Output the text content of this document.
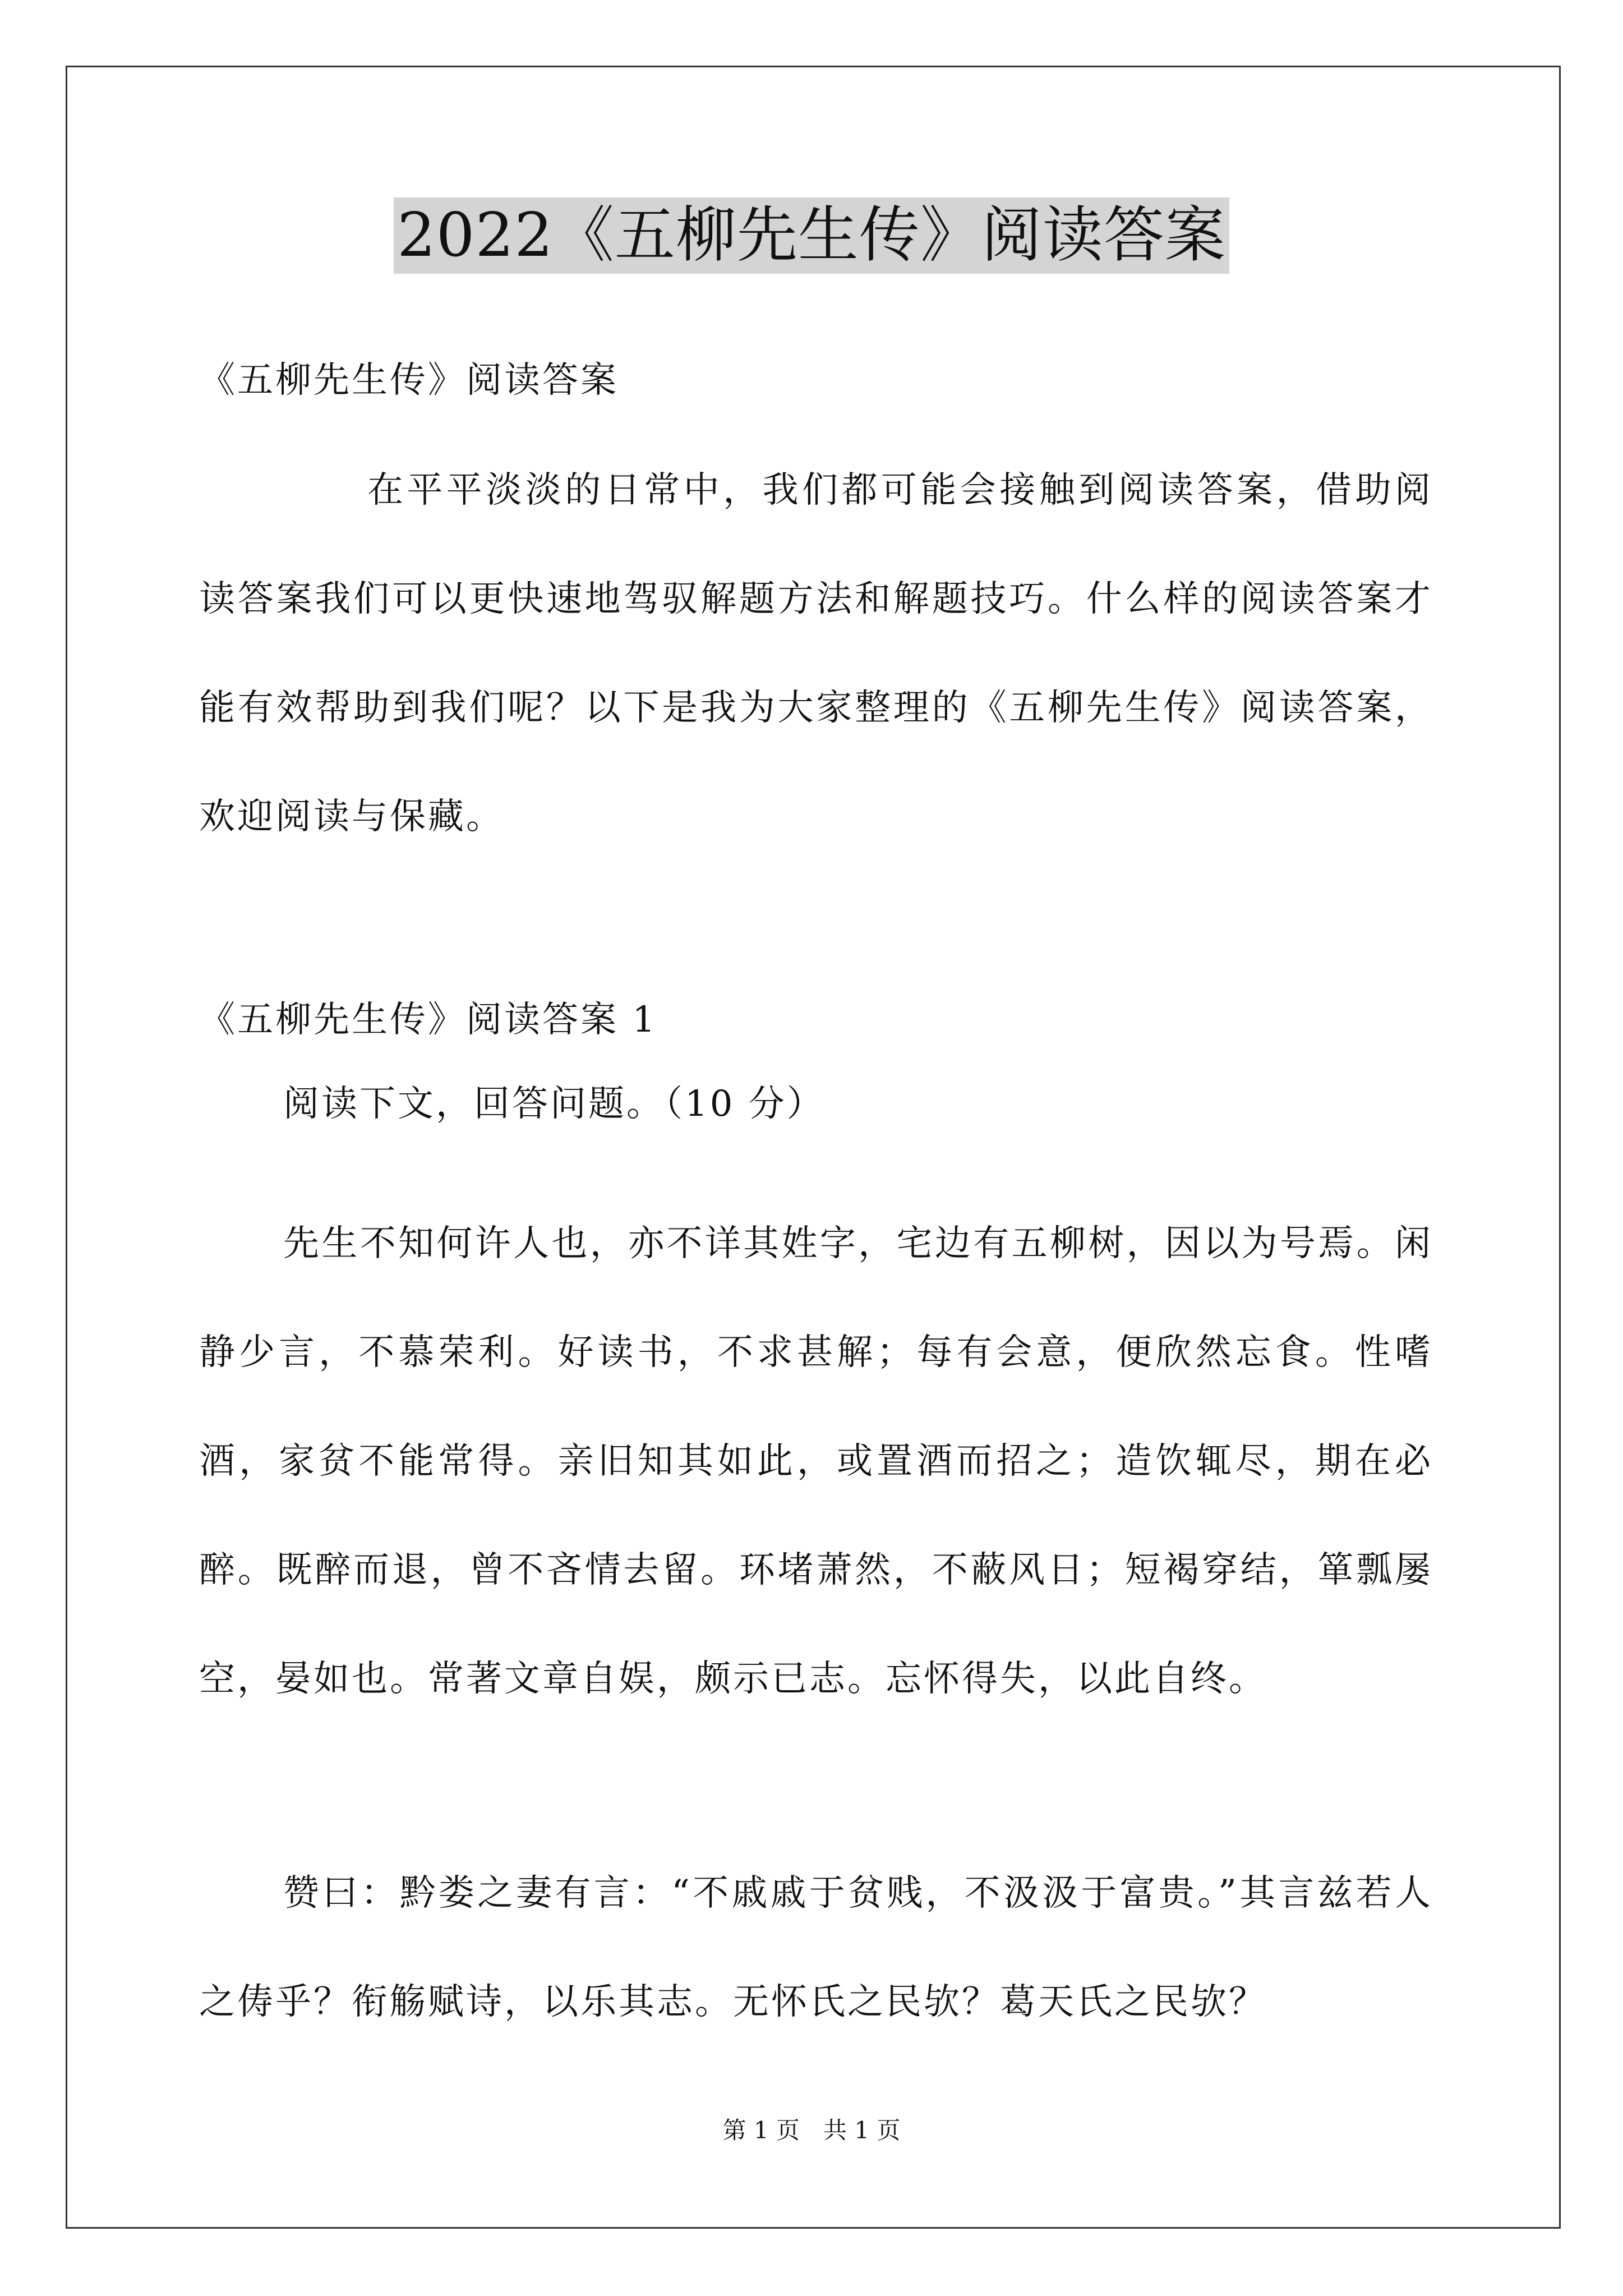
2022《五柳先生传》阅读答案

《五柳先生传》阅读答案

在平平淡淡的日常中，我们都可能会接触到阅读答案，借助阅读答案我们可以更快速地驾驭解题方法和解题技巧。什么样的阅读答案才能有效帮助到我们呢？以下是我为大家整理的《五柳先生传》阅读答案，欢迎阅读与保藏。

《五柳先生传》阅读答案 1

阅读下文，回答问题。（10 分）

先生不知何许人也，亦不详其姓字，宅边有五柳树，因以为号焉。闲静少言，不慕荣利。好读书，不求甚解；每有会意，便欣然忘食。性嗜酒，家贫不能常得。亲旧知其如此，或置酒而招之；造饮辄尽，期在必醉。既醉而退，曾不吝情去留。环堵萧然，不蔽风日；短褐穿结，箪瓢屡空，晏如也。常著文章自娱，颇示已志。忘怀得失，以此自终。

赞曰：黔娄之妻有言：“不戚戚于贫贱，不汲汲于富贵。”其言兹若人之俦乎？衔觞赋诗，以乐其志。无怀氏之民欤？葛天氏之民欤？

第 1 页　共 1 页
